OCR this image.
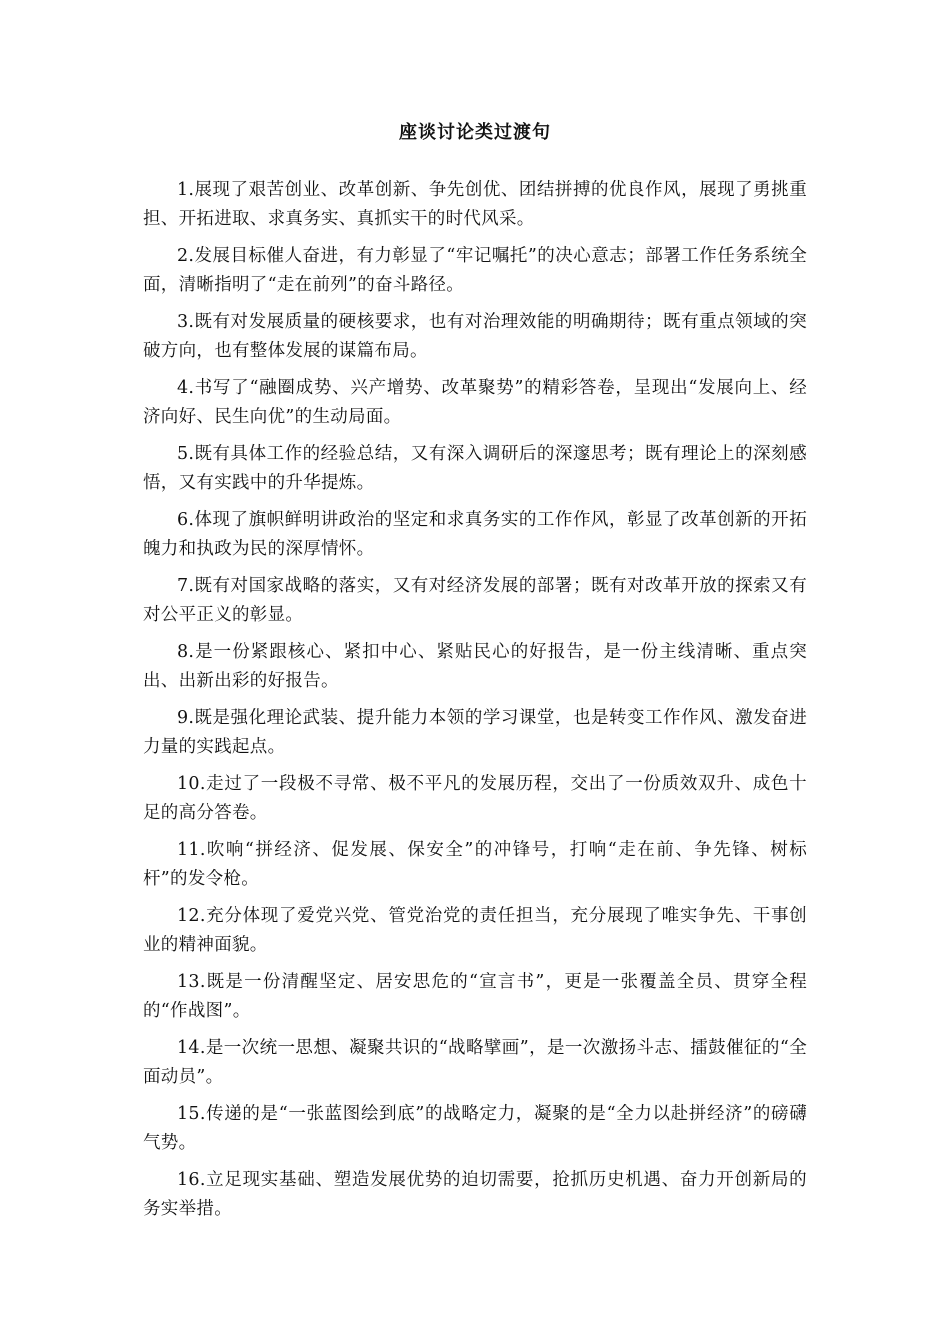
座谈讨论类过渡句

1.展现了艰苦创业、改革创新、争先创优、团结拼搏的优良作风，展现了勇挑重担、开拓进取、求真务实、真抓实干的时代风采。

2.发展目标催人奋进，有力彰显了“牢记嘱托”的决心意志；部署工作任务系统全面，清晰指明了“走在前列”的奋斗路径。

3.既有对发展质量的硬核要求，也有对治理效能的明确期待；既有重点领域的突破方向，也有整体发展的谋篇布局。

4.书写了“融圈成势、兴产增势、改革聚势”的精彩答卷，呈现出“发展向上、经济向好、民生向优”的生动局面。

5.既有具体工作的经验总结，又有深入调研后的深邃思考；既有理论上的深刻感悟，又有实践中的升华提炼。

6.体现了旗帜鲜明讲政治的坚定和求真务实的工作作风，彰显了改革创新的开拓魄力和执政为民的深厚情怀。

7.既有对国家战略的落实，又有对经济发展的部署；既有对改革开放的探索又有对公平正义的彰显。

8.是一份紧跟核心、紧扣中心、紧贴民心的好报告，是一份主线清晰、重点突出、出新出彩的好报告。

9.既是强化理论武装、提升能力本领的学习课堂，也是转变工作作风、激发奋进力量的实践起点。

10.走过了一段极不寻常、极不平凡的发展历程，交出了一份质效双升、成色十足的高分答卷。

11.吹响“拼经济、促发展、保安全”的冲锋号，打响“走在前、争先锋、树标杆”的发令枪。

12.充分体现了爱党兴党、管党治党的责任担当，充分展现了唯实争先、干事创业的精神面貌。

13.既是一份清醒坚定、居安思危的“宣言书”，更是一张覆盖全员、贯穿全程的“作战图”。

14.是一次统一思想、凝聚共识的“战略擘画”，是一次激扬斗志、擂鼓催征的“全面动员”。

15.传递的是“一张蓝图绘到底”的战略定力，凝聚的是“全力以赴拼经济”的磅礴气势。

16.立足现实基础、塑造发展优势的迫切需要，抢抓历史机遇、奋力开创新局的务实举措。
